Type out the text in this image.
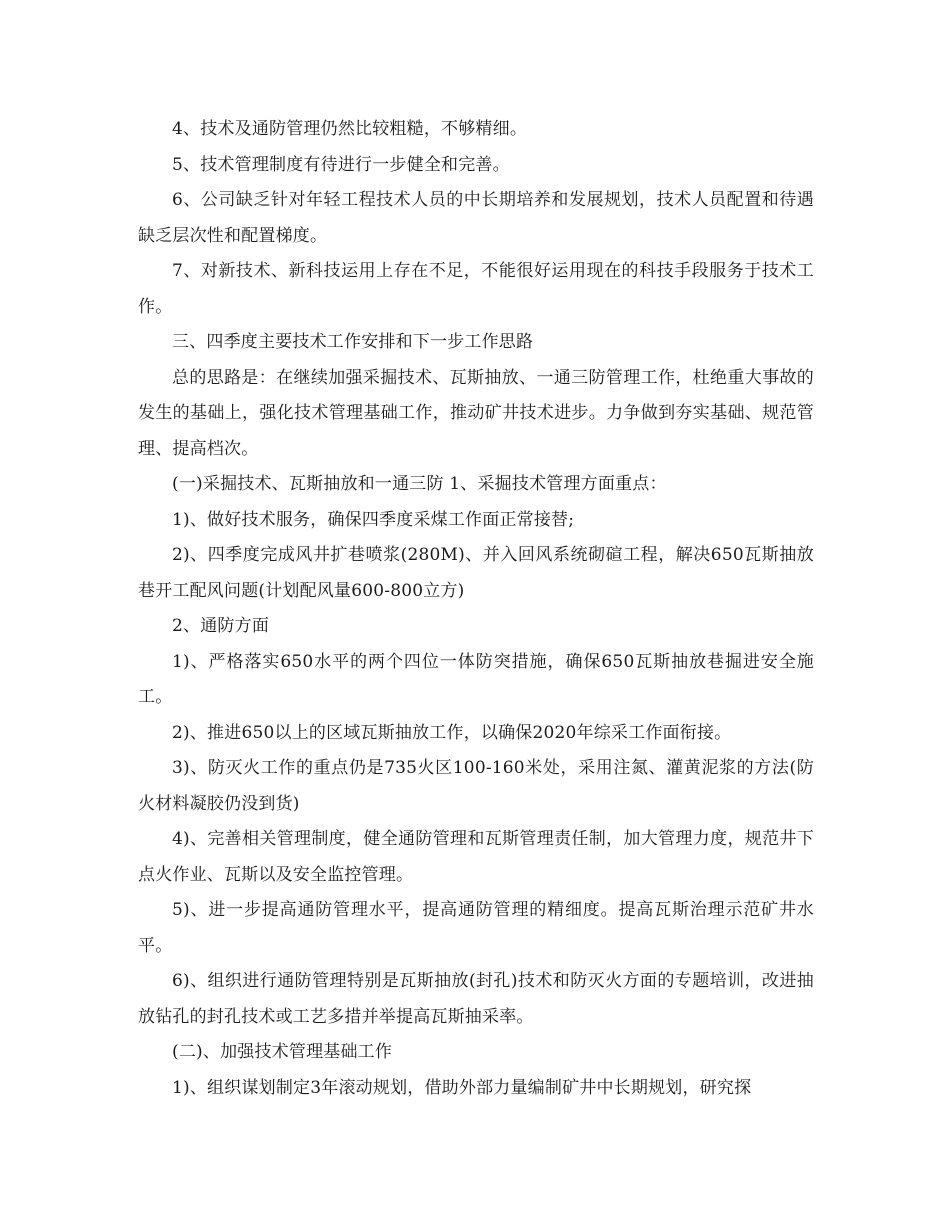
4、技术及通防管理仍然比较粗糙，不够精细。

5、技术管理制度有待进行一步健全和完善。

6、公司缺乏针对年轻工程技术人员的中长期培养和发展规划，技术人员配置和待遇缺乏层次性和配置梯度。

7、对新技术、新科技运用上存在不足，不能很好运用现在的科技手段服务于技术工作。

三、四季度主要技术工作安排和下一步工作思路

总的思路是：在继续加强采掘技术、瓦斯抽放、一通三防管理工作，杜绝重大事故的发生的基础上，强化技术管理基础工作，推动矿井技术进步。力争做到夯实基础、规范管理、提高档次。

(一)采掘技术、瓦斯抽放和一通三防 1、采掘技术管理方面重点：

1)、做好技术服务，确保四季度采煤工作面正常接替;

2)、四季度完成风井扩巷喷浆(280M)、并入回风系统砌碹工程，解决650瓦斯抽放巷开工配风问题(计划配风量600-800立方)

2、通防方面

1)、严格落实650水平的两个四位一体防突措施，确保650瓦斯抽放巷掘进安全施工。

2)、推进650以上的区域瓦斯抽放工作，以确保2020年综采工作面衔接。

3)、防灭火工作的重点仍是735火区100-160米处，采用注氮、灌黄泥浆的方法(防火材料凝胶仍没到货)

4)、完善相关管理制度，健全通防管理和瓦斯管理责任制，加大管理力度，规范井下点火作业、瓦斯以及安全监控管理。

5)、进一步提高通防管理水平，提高通防管理的精细度。提高瓦斯治理示范矿井水平。

6)、组织进行通防管理特别是瓦斯抽放(封孔)技术和防灭火方面的专题培训，改进抽放钻孔的封孔技术或工艺多措并举提高瓦斯抽采率。

(二)、加强技术管理基础工作

1)、组织谋划制定3年滚动规划，借助外部力量编制矿井中长期规划，研究探
